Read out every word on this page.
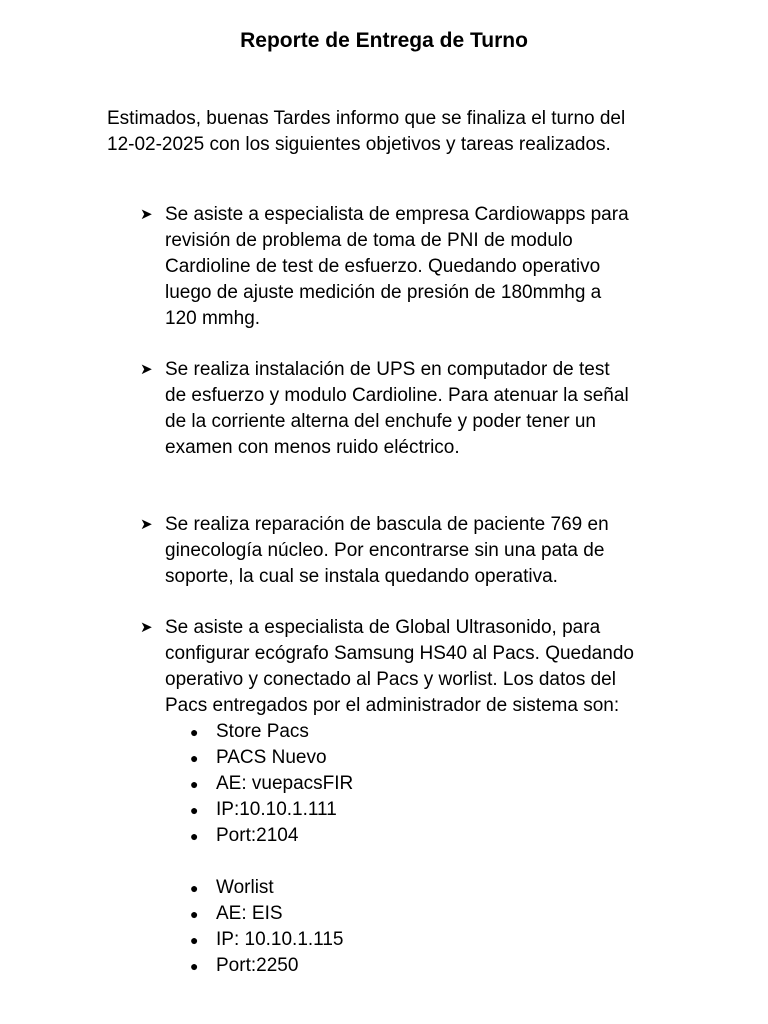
Reporte de Entrega de Turno
Estimados, buenas Tardes informo que se finaliza el turno del
12-02-2025 con los siguientes objetivos y tareas realizados.
➤ Se asiste a especialista de empresa Cardiowapps para
revisión de problema de toma de PNI de modulo
Cardioline de test de esfuerzo. Quedando operativo
luego de ajuste medición de presión de 180mmhg a
120 mmhg.
➤ Se realiza instalación de UPS en computador de test
de esfuerzo y modulo Cardioline. Para atenuar la señal
de la corriente alterna del enchufe y poder tener un
examen con menos ruido eléctrico.
➤ Se realiza reparación de bascula de paciente 769 en
ginecología núcleo. Por encontrarse sin una pata de
soporte, la cual se instala quedando operativa.
➤ Se asiste a especialista de Global Ultrasonido, para
configurar ecógrafo Samsung HS40 al Pacs. Quedando
operativo y conectado al Pacs y worlist. Los datos del
Pacs entregados por el administrador de sistema son:
● Store Pacs
● PACS Nuevo
● AE: vuepacsFIR
● IP:10.10.1.111
● Port:2104
● Worlist
● AE: EIS
● IP: 10.10.1.115
● Port:2250
